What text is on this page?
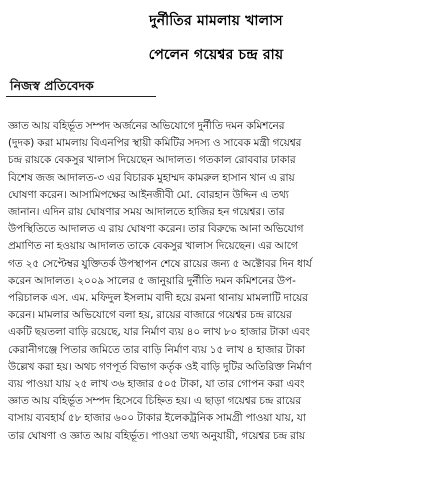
দুর্নীতির মামলায় খালাস
পেলেন গয়েশ্বর চন্দ্র রায়
নিজস্ব প্রতিবেদক
জ্ঞাত আয় বহির্ভূত সম্পদ অর্জনের অভিযোগে দুর্নীতি দমন কমিশনের
(দুদক) করা মামলায় বিএনপির স্থায়ী কমিটির সদস্য ও সাবেক মন্ত্রী গয়েশ্বর
চন্দ্র রায়কে বেকসুর খালাস দিয়েছেন আদালত। গতকাল রোববার ঢাকার
বিশেষ জজ আদালত-৩ এর বিচারক মুহাম্মদ কামরুল হাসান খান এ রায়
ঘোষণা করেন। আসামিপক্ষের আইনজীবী মো. বোরহান উদ্দিন এ তথ্য
জানান। এদিন রায় ঘোষণার সময় আদালতে হাজির হন গয়েশ্বর। তার
উপস্থিতিতে আদালত এ রায় ঘোষণা করেন। তার বিরুদ্ধে আনা অভিযোগ
প্রমাণিত না হওয়ায় আদালত তাকে বেকসুর খালাস দিয়েছেন। এর আগে
গত ২৫ সেপ্টেম্বর যুক্তিতর্ক উপস্থাপন শেষে রায়ের জন্য ৫ অক্টোবর দিন ধার্য
করেন আদালত। ২০০৯ সালের ৫ জানুয়ারি দুর্নীতি দমন কমিশনের উপ-
পরিচালক এস. এম. মফিদুল ইসলাম বাদী হয়ে রমনা থানায় মামলাটি দায়ের
করেন। মামলার অভিযোগে বলা হয়, রায়ের বাজারে গয়েশ্বর চন্দ্র রায়ের
একটি ছয়তলা বাড়ি রয়েছে, যার নির্মাণ ব্যয় ৪০ লাখ ৮০ হাজার টাকা এবং
কেরানীগঞ্জে পিতার জমিতে তার বাড়ি নির্মাণ ব্যয় ১৫ লাখ ৪ হাজার টাকা
উল্লেখ করা হয়। অথচ গণপূর্ত বিভাগ কর্তৃক ওই বাড়ি দুটির অতিরিক্ত নির্মাণ
ব্যয় পাওয়া যায় ২৫ লাখ ৩৬ হাজার ৫০৫ টাকা, যা তার গোপন করা এবং
জ্ঞাত আয় বহির্ভূত সম্পদ হিসেবে চিহ্নিত হয়। এ ছাড়া গয়েশ্বর চন্দ্র রায়ের
বাসায় ব্যবহার্য ৫৮ হাজার ৬০০ টাকার ইলেকট্রনিক সামগ্রী পাওয়া যায়, যা
তার ঘোষণা ও জ্ঞাত আয় বহির্ভূত। পাওয়া তথ্য অনুযায়ী, গয়েশ্বর চন্দ্র রায়
